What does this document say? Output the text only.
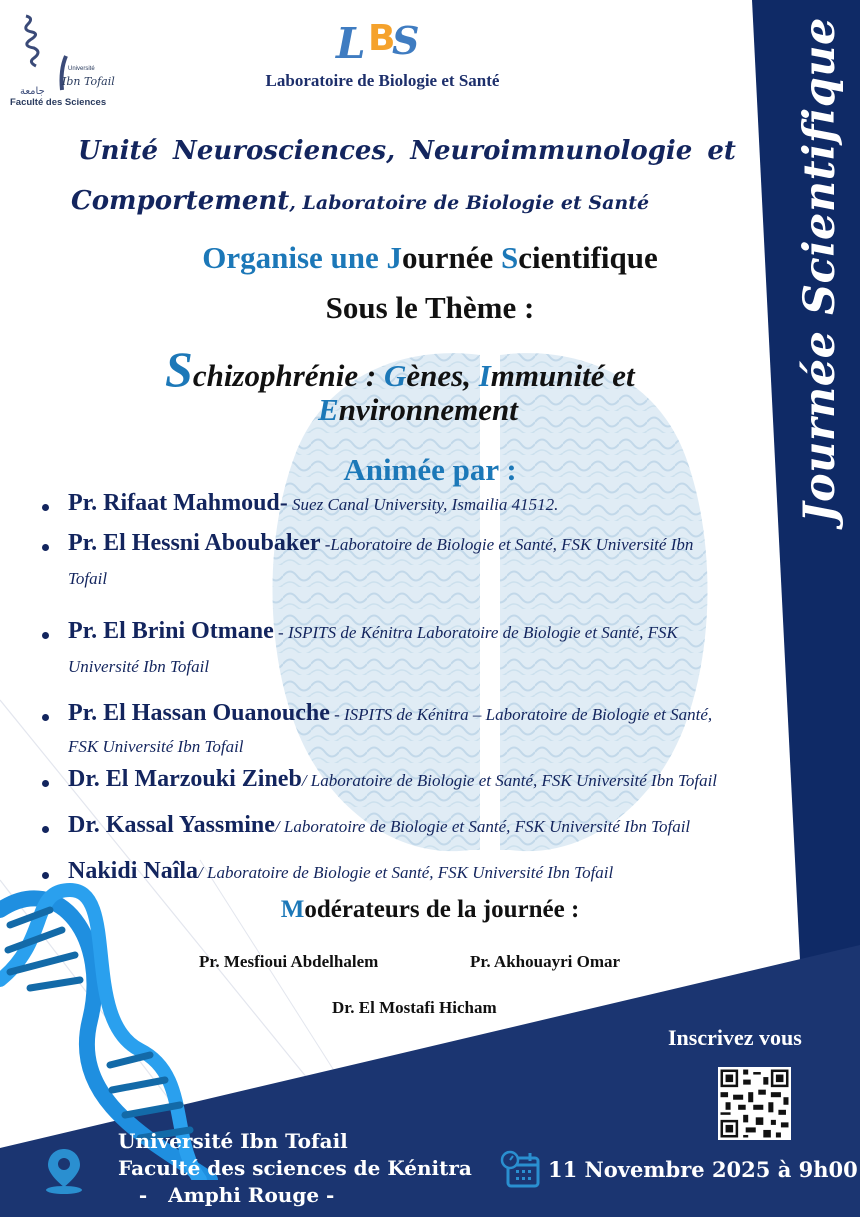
جامعة
Université
Ibn Tofail
Faculté des Sciences
L B
S
Laboratoire de Biologie et Santé	Journée Scientifique
Unité Neurosciences, Neuroimmunologie et
Comportement, Laboratoire de Biologie et Santé
Organise une Journée Scientifique
Sous le Thème :
Schizophrénie : Gènes, Immunité et
Environnement
Animée par :
Pr. Rifaat Mahmoud- Suez Canal University, Ismailia 41512.
Pr. El Hessni Aboubaker -Laboratoire de Biologie et Santé, FSK Université Ibn
Tofail
Pr. El Brini Otmane - ISPITS de Kénitra Laboratoire de Biologie et Santé, FSK
Université Ibn Tofail
Pr. El Hassan Ouanouche - ISPITS de Kénitra – Laboratoire de Biologie et Santé,
FSK Université Ibn Tofail
Dr. El Marzouki Zineb/ Laboratoire de Biologie et Santé, FSK Université Ibn Tofail
Dr. Kassal Yassmine/ Laboratoire de Biologie et Santé, FSK Université Ibn Tofail
Nakidi Naîla/ Laboratoire de Biologie et Santé, FSK Université Ibn Tofail
Modérateurs de la journée :
Pr. Mesfioui Abdelhalem	Pr. Akhouayri Omar
Dr. El Mostafi Hicham
Inscrivez vous
Université Ibn Tofail
Faculté des sciences de Kénitra
-   Amphi Rouge -
11 Novembre 2025 à 9h00
